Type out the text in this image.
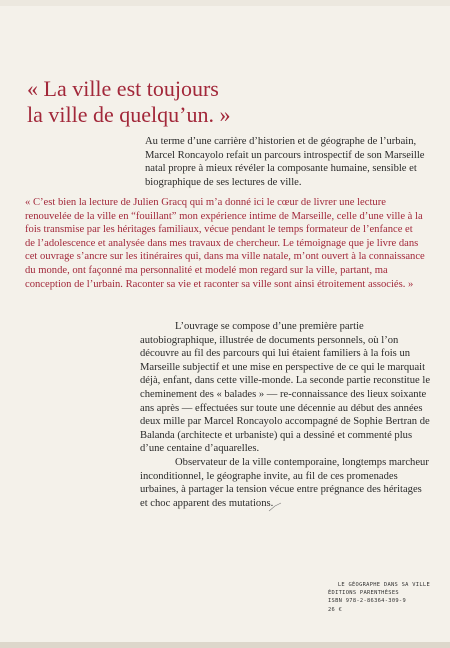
« La ville est toujours
la ville de quelqu’un. »

Au terme d’une carrière d’historien et de géographe de l’urbain, Marcel Roncayolo refait un parcours introspectif de son Marseille natal propre à mieux révéler la composante humaine, sensible et biographique de ses lectures de ville.

« C’est bien la lecture de Julien Gracq qui m’a donné ici le cœur de livrer une lecture renouvelée de la ville en “fouillant” mon expérience intime de Marseille, celle d’une ville à la fois transmise par les héritages familiaux, vécue pendant le temps formateur de l’enfance et de l’adolescence et analysée dans mes travaux de chercheur. Le témoignage que je livre dans cet ouvrage s’ancre sur les itinéraires qui, dans ma ville natale, m’ont ouvert à la connaissance du monde, ont façonné ma personnalité et modelé mon regard sur la ville, partant, ma conception de l’urbain. Raconter sa vie et raconter sa ville sont ainsi étroitement associés. »

L’ouvrage se compose d’une première partie autobiographique, illustrée de documents personnels, où l’on découvre au fil des parcours qui lui étaient familiers à la fois un Marseille subjectif et une mise en perspective de ce qui le marquait déjà, enfant, dans cette ville-monde. La seconde partie reconstitue le cheminement des « balades » — re-connaissance des lieux soixante ans après — effectuées sur toute une décennie au début des années deux mille par Marcel Roncayolo accompagné de Sophie Bertran de Balanda (architecte et urbaniste) qui a dessiné et commenté plus d’une centaine d’aquarelles.

Observateur de la ville contemporaine, longtemps marcheur inconditionnel, le géographe invite, au fil de ces promenades urbaines, à partager la tension vécue entre prégnance des héritages et choc apparent des mutations.

LE GÉOGRAPHE DANS SA VILLE
ÉDITIONS PARENTHÈSES
ISBN 978-2-86364-309-9
26 €
